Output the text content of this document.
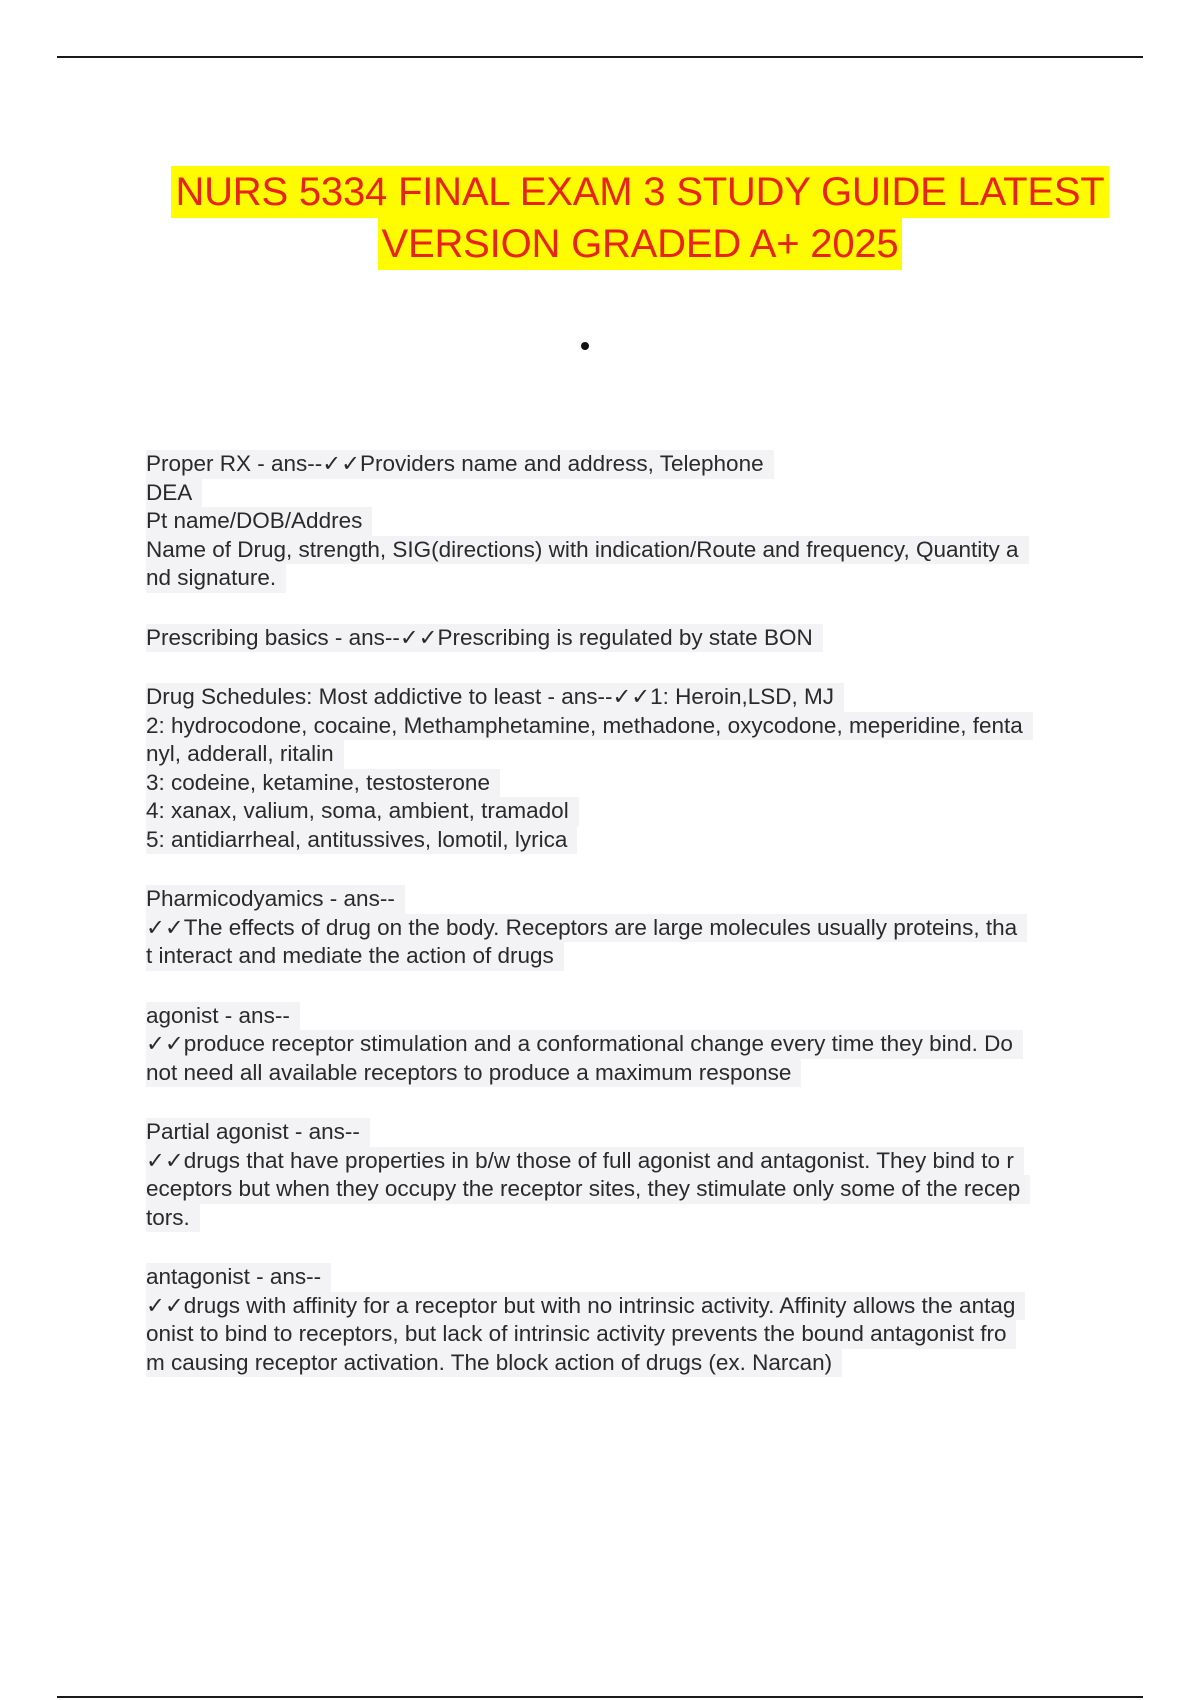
NURS 5334 FINAL EXAM 3 STUDY GUIDE LATEST
VERSION GRADED A+ 2025
Proper RX - ans--✓✓Providers name and address, Telephone
DEA
Pt name/DOB/Addres
Name of Drug, strength, SIG(directions) with indication/Route and frequency, Quantity a
nd signature.
Prescribing basics - ans--✓✓Prescribing is regulated by state BON
Drug Schedules: Most addictive to least - ans--✓✓1: Heroin,LSD, MJ
2: hydrocodone, cocaine, Methamphetamine, methadone, oxycodone, meperidine, fenta
nyl, adderall, ritalin
3: codeine, ketamine, testosterone
4: xanax, valium, soma, ambient, tramadol
5: antidiarrheal, antitussives, lomotil, lyrica
Pharmicodyamics - ans--
✓✓The effects of drug on the body. Receptors are large molecules usually proteins, tha
t interact and mediate the action of drugs
agonist - ans--
✓✓produce receptor stimulation and a conformational change every time they bind. Do
not need all available receptors to produce a maximum response
Partial agonist - ans--
✓✓drugs that have properties in b/w those of full agonist and antagonist. They bind to r
eceptors but when they occupy the receptor sites, they stimulate only some of the recep
tors.
antagonist - ans--
✓✓drugs with affinity for a receptor but with no intrinsic activity. Affinity allows the antag
onist to bind to receptors, but lack of intrinsic activity prevents the bound antagonist fro
m causing receptor activation. The block action of drugs (ex. Narcan)
